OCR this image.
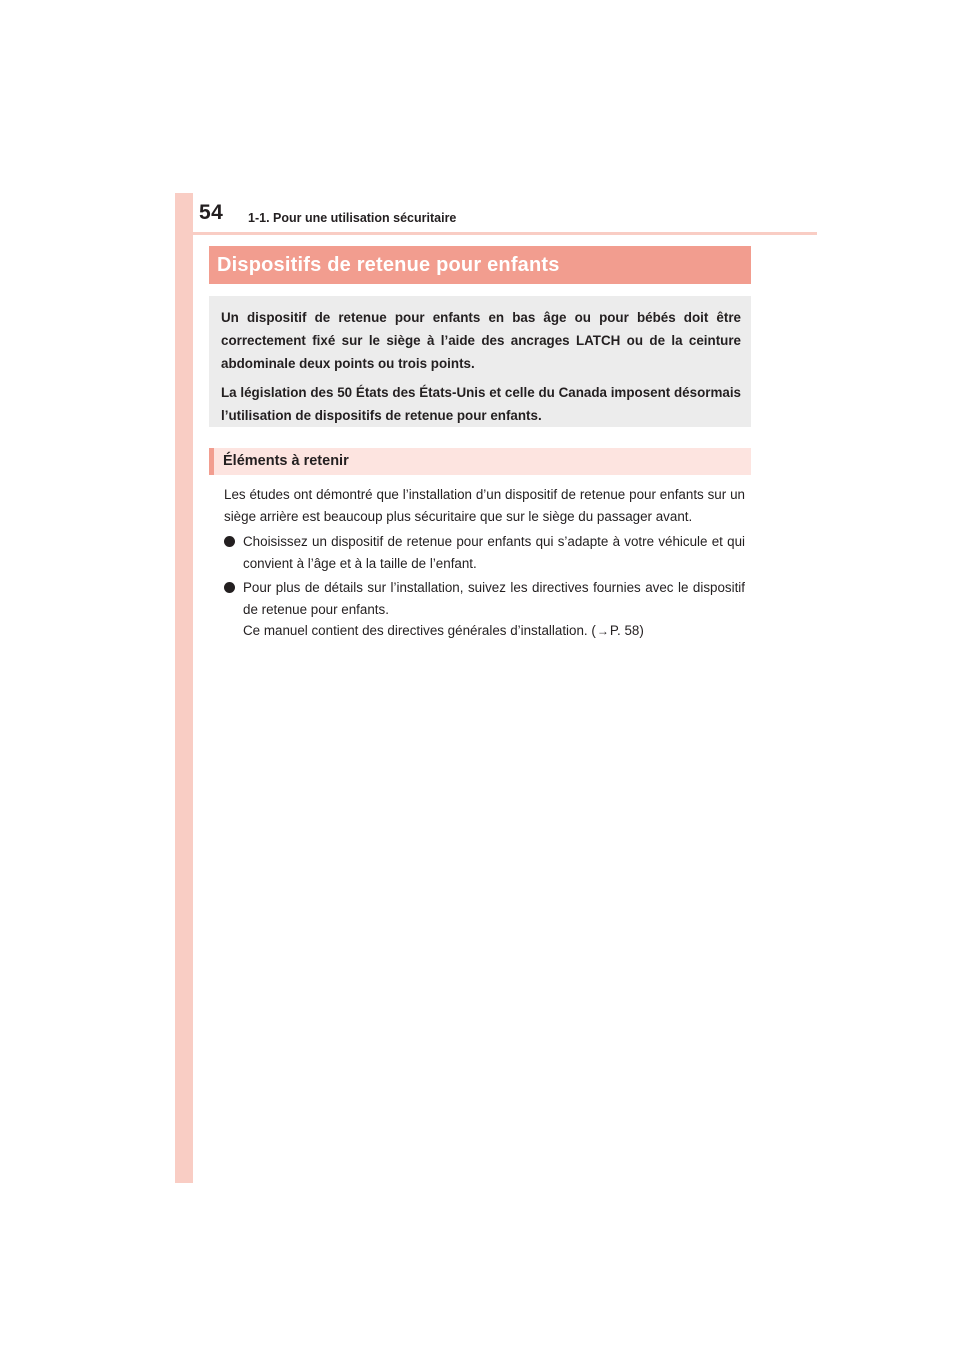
54 1-1. Pour une utilisation sécuritaire
Dispositifs de retenue pour enfants

Un dispositif de retenue pour enfants en bas âge ou pour bébés doit être correctement fixé sur le siège à l’aide des ancrages LATCH ou de la ceinture abdominale deux points ou trois points.

La législation des 50 États des États-Unis et celle du Canada imposent désormais l’utilisation de dispositifs de retenue pour enfants.

Éléments à retenir

Les études ont démontré que l’installation d’un dispositif de retenue pour enfants sur un siège arrière est beaucoup plus sécuritaire que sur le siège du passager avant.

Choisissez un dispositif de retenue pour enfants qui s’adapte à votre véhicule et qui convient à l’âge et à la taille de l’enfant.

Pour plus de détails sur l’installation, suivez les directives fournies avec le dispositif de retenue pour enfants.

Ce manuel contient des directives générales d’installation. (→P. 58)
